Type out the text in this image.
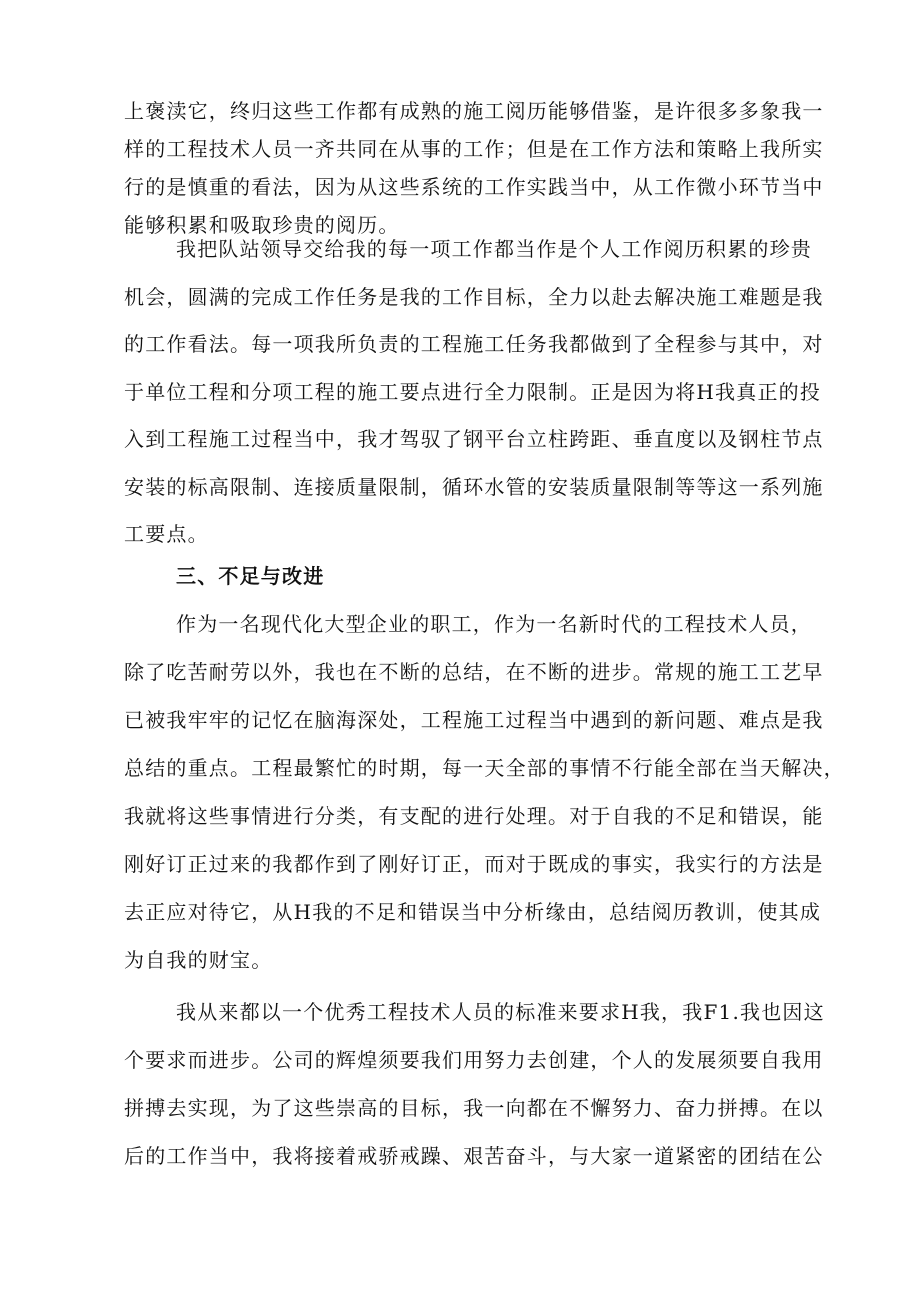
上褒渎它，终归这些工作都有成熟的施工阅历能够借鉴，是许很多多象我一
样的工程技术人员一齐共同在从事的工作；但是在工作方法和策略上我所实
行的是慎重的看法，因为从这些系统的工作实践当中，从工作微小环节当中
能够积累和吸取珍贵的阅历。
我把队站领导交给我的每一项工作都当作是个人工作阅历积累的珍贵
机会，圆满的完成工作任务是我的工作目标，全力以赴去解决施工难题是我
的工作看法。每一项我所负责的工程施工任务我都做到了全程参与其中，对
于单位工程和分项工程的施工要点进行全力限制。正是因为将H我真正的投
入到工程施工过程当中，我才驾驭了钢平台立柱跨距、垂直度以及钢柱节点
安装的标高限制、连接质量限制，循环水管的安装质量限制等等这一系列施
工要点。
三、不足与改进
作为一名现代化大型企业的职工，作为一名新时代的工程技术人员，
除了吃苦耐劳以外，我也在不断的总结，在不断的进步。常规的施工工艺早
已被我牢牢的记忆在脑海深处，工程施工过程当中遇到的新问题、难点是我
总结的重点。工程最繁忙的时期，每一天全部的事情不行能全部在当天解决，
我就将这些事情进行分类，有支配的进行处理。对于自我的不足和错误，能
刚好订正过来的我都作到了刚好订正，而对于既成的事实，我实行的方法是
去正应对待它，从H我的不足和错误当中分析缘由，总结阅历教训，使其成
为自我的财宝。
我从来都以一个优秀工程技术人员的标准来要求H我，我F1.我也因这
个要求而进步。公司的辉煌须要我们用努力去创建，个人的发展须要自我用
拼搏去实现，为了这些崇高的目标，我一向都在不懈努力、奋力拼搏。在以
后的工作当中，我将接着戒骄戒躁、艰苦奋斗，与大家一道紧密的团结在公
